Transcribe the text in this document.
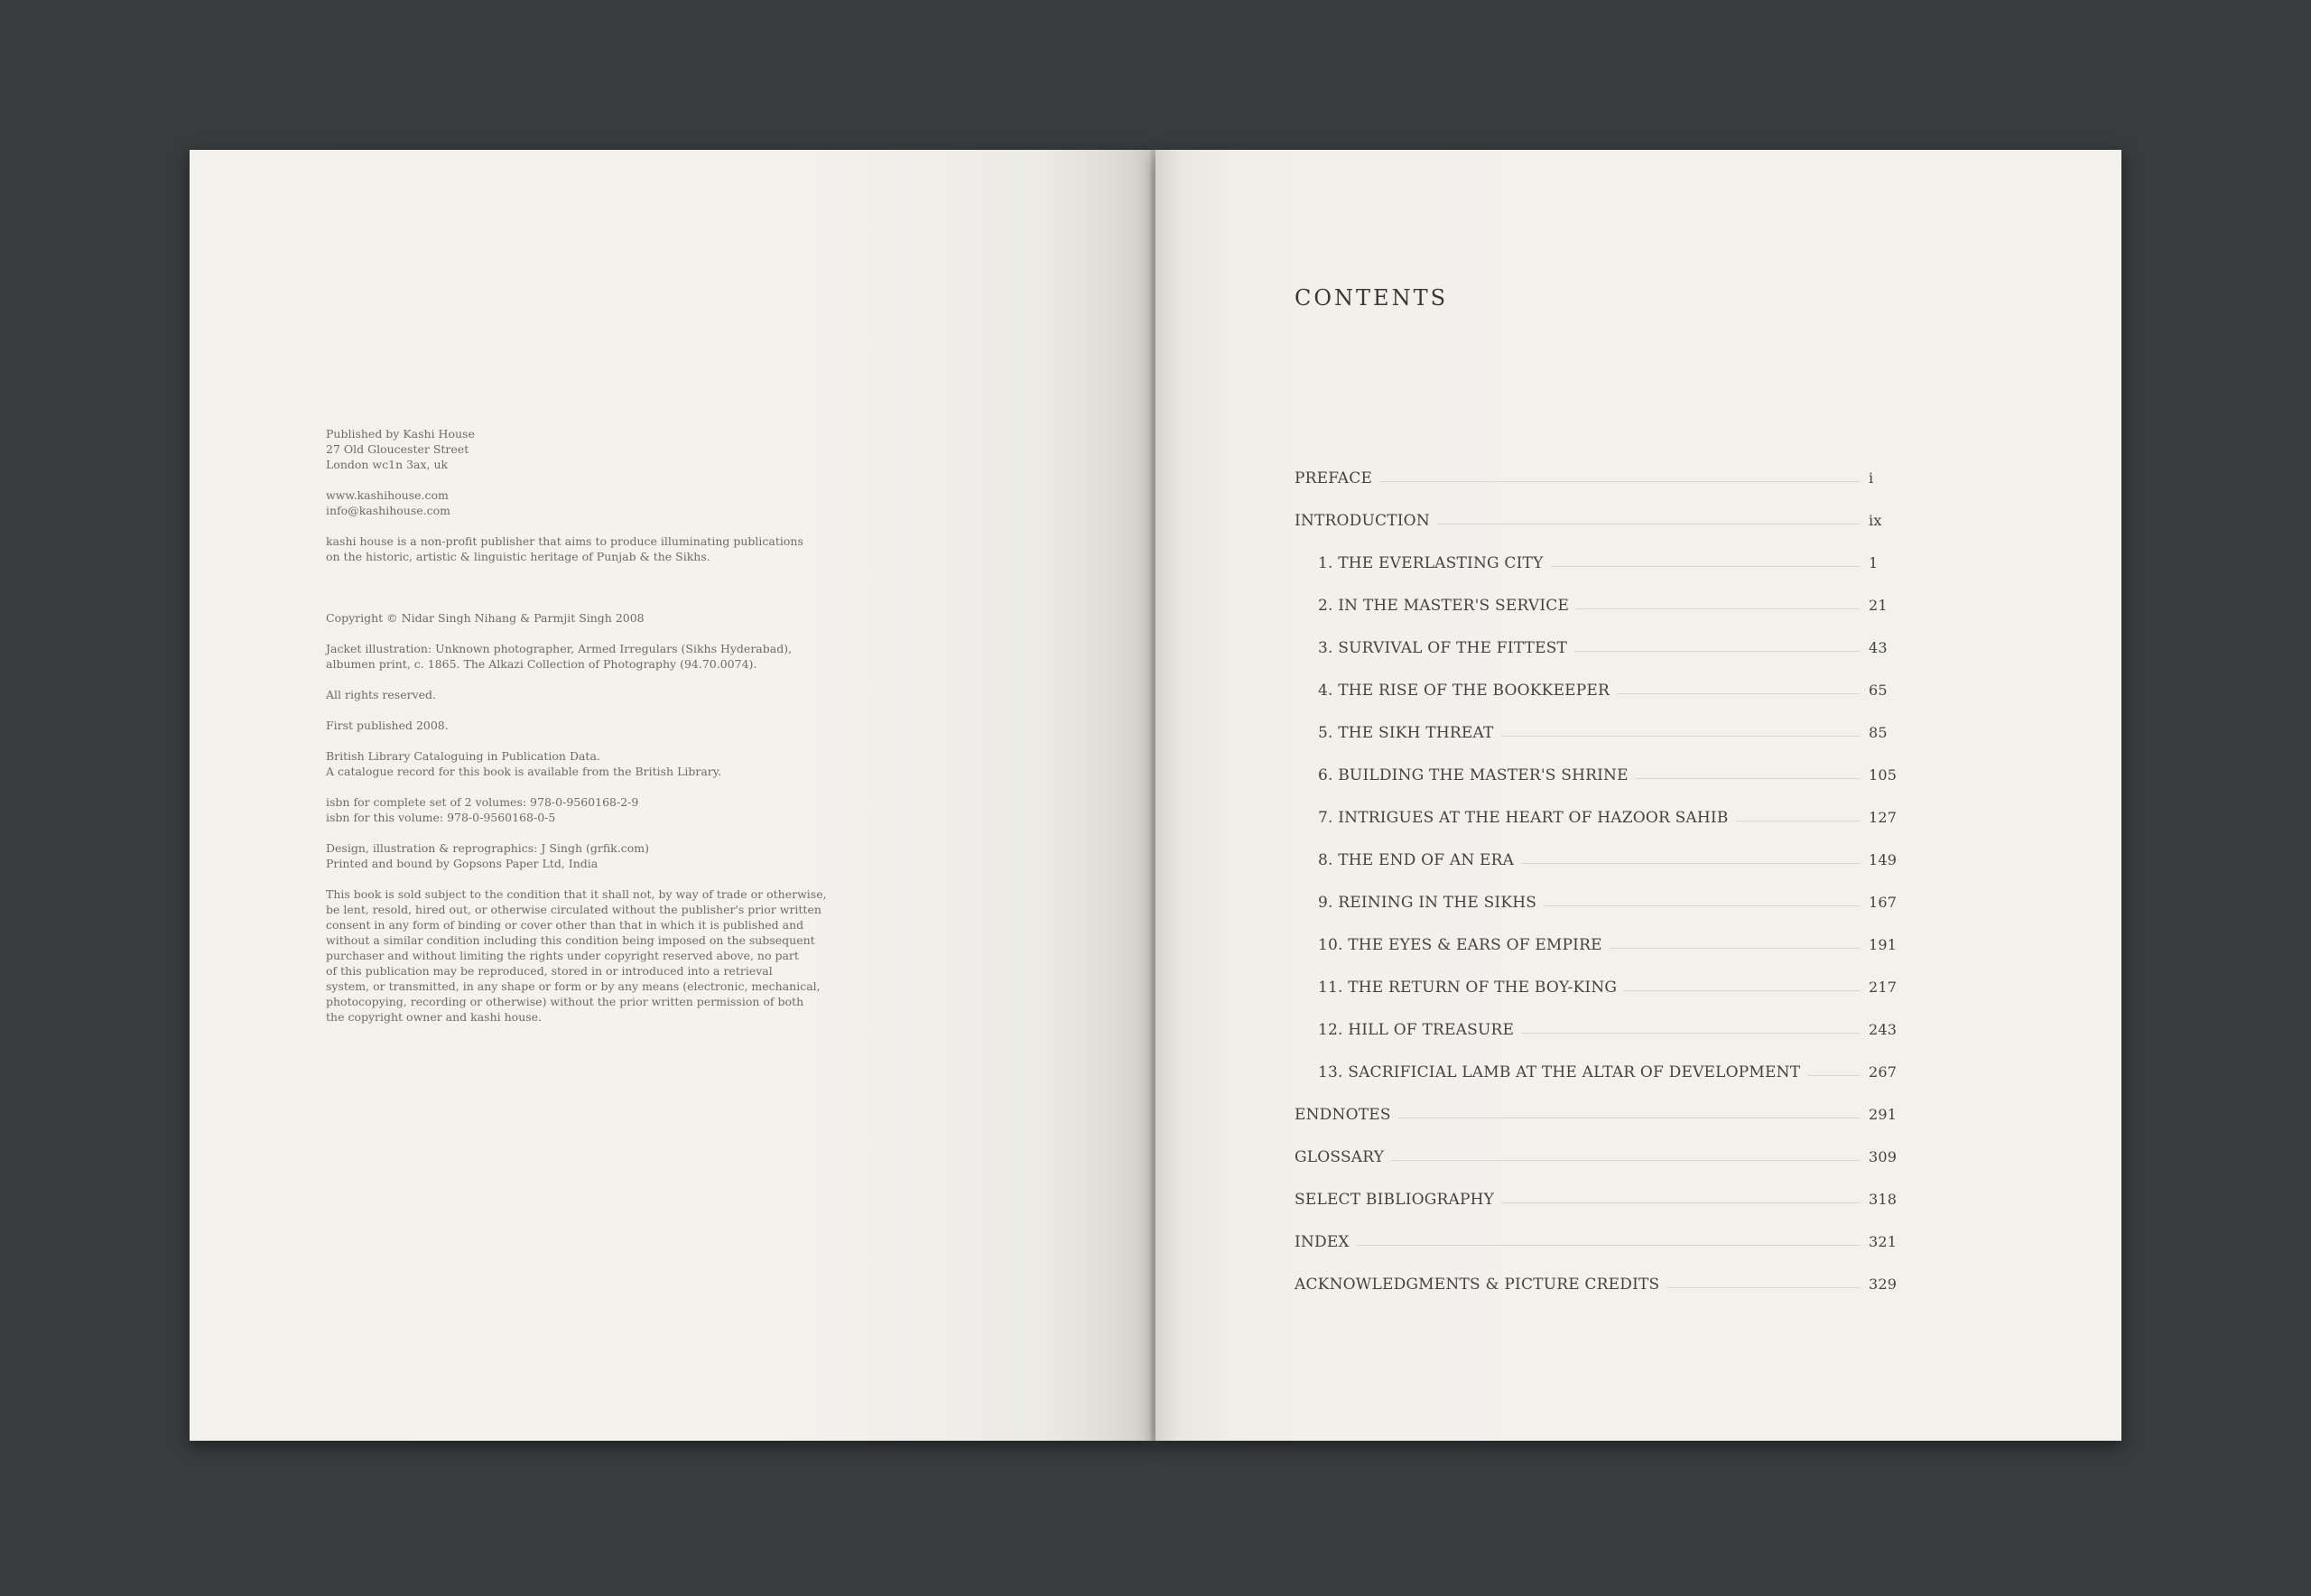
Published by Kashi House
27 Old Gloucester Street
London wc1n 3ax, uk
www.kashihouse.com
info@kashihouse.com
kashi house is a non-profit publisher that aims to produce illuminating publications
on the historic, artistic & linguistic heritage of Punjab & the Sikhs.
Copyright © Nidar Singh Nihang & Parmjit Singh 2008
Jacket illustration: Unknown photographer, Armed Irregulars (Sikhs Hyderabad),
albumen print, c. 1865. The Alkazi Collection of Photography (94.70.0074).
All rights reserved.
First published 2008.
British Library Cataloguing in Publication Data.
A catalogue record for this book is available from the British Library.
isbn for complete set of 2 volumes: 978-0-9560168-2-9
isbn for this volume: 978-0-9560168-0-5
Design, illustration & reprographics: J Singh (grfik.com)
Printed and bound by Gopsons Paper Ltd, India
This book is sold subject to the condition that it shall not, by way of trade or otherwise,
be lent, resold, hired out, or otherwise circulated without the publisher's prior written
consent in any form of binding or cover other than that in which it is published and
without a similar condition including this condition being imposed on the subsequent
purchaser and without limiting the rights under copyright reserved above, no part
of this publication may be reproduced, stored in or introduced into a retrieval
system, or transmitted, in any shape or form or by any means (electronic, mechanical,
photocopying, recording or otherwise) without the prior written permission of both
the copyright owner and kashi house.
CONTENTS
PREFACE	i
INTRODUCTION	ix
1. THE EVERLASTING CITY	1
2. IN THE MASTER'S SERVICE	21
3. SURVIVAL OF THE FITTEST	43
4. THE RISE OF THE BOOKKEEPER	65
5. THE SIKH THREAT	85
6. BUILDING THE MASTER'S SHRINE	105
7. INTRIGUES AT THE HEART OF HAZOOR SAHIB	127
8. THE END OF AN ERA	149
9. REINING IN THE SIKHS	167
10. THE EYES & EARS OF EMPIRE	191
11. THE RETURN OF THE BOY-KING	217
12. HILL OF TREASURE	243
13. SACRIFICIAL LAMB AT THE ALTAR OF DEVELOPMENT	267
ENDNOTES	291
GLOSSARY	309
SELECT BIBLIOGRAPHY	318
INDEX	321
ACKNOWLEDGMENTS & PICTURE CREDITS	329
